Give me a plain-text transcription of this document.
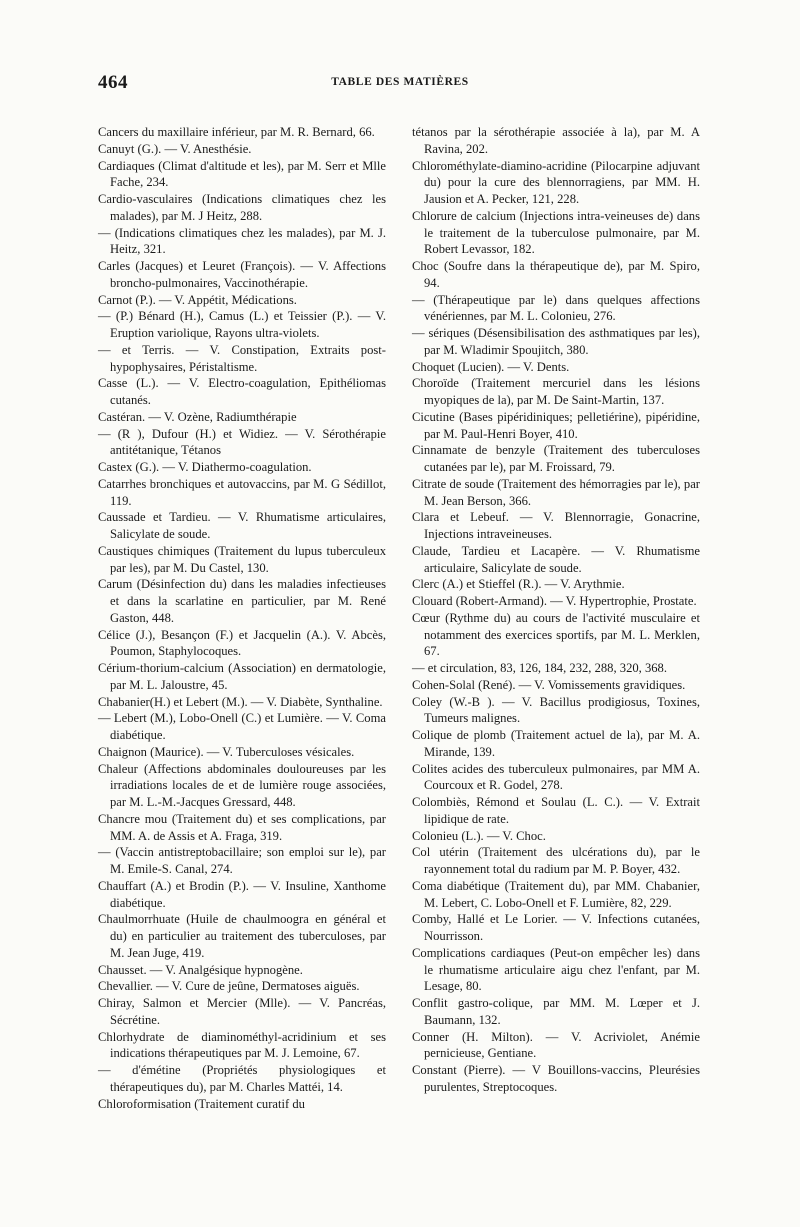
464	TABLE DES MATIÈRES

Cancers du maxillaire inférieur, par M. R. Bernard, 66.

Canuyt (G.). — V. Anesthésie.

Cardiaques (Climat d'altitude et les), par M. Serr et Mlle Fache, 234.

Cardio-vasculaires (Indications climatiques chez les malades), par M. J Heitz, 288.

— (Indications climatiques chez les malades), par M. J. Heitz, 321.

Carles (Jacques) et Leuret (François). — V. Affections broncho-pulmonaires, Vaccinothérapie.

Carnot (P.). — V. Appétit, Médications.

— (P.) Bénard (H.), Camus (L.) et Teissier (P.). — V. Eruption variolique, Rayons ultra-violets.

— et Terris. — V. Constipation, Extraits post-hypophysaires, Péristaltisme.

Casse (L.). — V. Electro-coagulation, Epithéliomas cutanés.

Castéran. — V. Ozène, Radiumthérapie

— (R ), Dufour (H.) et Widiez. — V. Sérothérapie antitétanique, Tétanos

Castex (G.). — V. Diathermo-coagulation.

Catarrhes bronchiques et autovaccins, par M. G Sédillot, 119.

Caussade et Tardieu. — V. Rhumatisme articulaires, Salicylate de soude.

Caustiques chimiques (Traitement du lupus tuberculeux par les), par M. Du Castel, 130.

Carum (Désinfection du) dans les maladies infectieuses et dans la scarlatine en particulier, par M. René Gaston, 448.

Célice (J.), Besançon (F.) et Jacquelin (A.). V. Abcès, Poumon, Staphylocoques.

Cérium-thorium-calcium (Association) en dermatologie, par M. L. Jaloustre, 45.

Chabanier(H.) et Lebert (M.). — V. Diabète, Synthaline.

— Lebert (M.), Lobo-Onell (C.) et Lumière. — V. Coma diabétique.

Chaignon (Maurice). — V. Tuberculoses vésicales.

Chaleur (Affections abdominales douloureuses par les irradiations locales de et de lumière rouge associées, par M. L.-M.-Jacques Gressard, 448.

Chancre mou (Traitement du) et ses complications, par MM. A. de Assis et A. Fraga, 319.

— (Vaccin antistreptobacillaire; son emploi sur le), par M. Emile-S. Canal, 274.

Chauffart (A.) et Brodin (P.). — V. Insuline, Xanthome diabétique.

Chaulmorrhuate (Huile de chaulmoogra en général et du) en particulier au traitement des tuberculoses, par M. Jean Juge, 419.

Chausset. — V. Analgésique hypnogène.

Chevallier. — V. Cure de jeûne, Dermatoses aiguës.

Chiray, Salmon et Mercier (Mlle). — V. Pancréas, Sécrétine.

Chlorhydrate de diaminométhyl-acridinium et ses indications thérapeutiques par M. J. Lemoine, 67.

— d'émétine (Propriétés physiologiques et thérapeutiques du), par M. Charles Mattéi, 14.

Chloroformisation (Traitement curatif du

tétanos par la sérothérapie associée à la), par M. A Ravina, 202.

Chlorométhylate-diamino-acridine (Pilocarpine adjuvant du) pour la cure des blennorragiens, par MM. H. Jausion et A. Pecker, 121, 228.

Chlorure de calcium (Injections intra-veineuses de) dans le traitement de la tuberculose pulmonaire, par M. Robert Levassor, 182.

Choc (Soufre dans la thérapeutique de), par M. Spiro, 94.

— (Thérapeutique par le) dans quelques affections vénériennes, par M. L. Colonieu, 276.

— sériques (Désensibilisation des asthmatiques par les), par M. Wladimir Spoujitch, 380.

Choquet (Lucien). — V. Dents.

Choroïde (Traitement mercuriel dans les lésions myopiques de la), par M. De Saint-Martin, 137.

Cicutine (Bases pipéridiniques; pelletiérine), pipéridine, par M. Paul-Henri Boyer, 410.

Cinnamate de benzyle (Traitement des tuberculoses cutanées par le), par M. Froissard, 79.

Citrate de soude (Traitement des hémorragies par le), par M. Jean Berson, 366.

Clara et Lebeuf. — V. Blennorragie, Gonacrine, Injections intraveineuses.

Claude, Tardieu et Lacapère. — V. Rhumatisme articulaire, Salicylate de soude.

Clerc (A.) et Stieffel (R.). — V. Arythmie.

Clouard (Robert-Armand). — V. Hypertrophie, Prostate.

Cœur (Rythme du) au cours de l'activité musculaire et notamment des exercices sportifs, par M. L. Merklen, 67.

— et circulation, 83, 126, 184, 232, 288, 320, 368.

Cohen-Solal (René). — V. Vomissements gravidiques.

Coley (W.-B ). — V. Bacillus prodigiosus, Toxines, Tumeurs malignes.

Colique de plomb (Traitement actuel de la), par M. A. Mirande, 139.

Colites acides des tuberculeux pulmonaires, par MM A. Courcoux et R. Godel, 278.

Colombiès, Rémond et Soulau (L. C.). — V. Extrait lipidique de rate.

Colonieu (L.). — V. Choc.

Col utérin (Traitement des ulcérations du), par le rayonnement total du radium par M. P. Boyer, 432.

Coma diabétique (Traitement du), par MM. Chabanier, M. Lebert, C. Lobo-Onell et F. Lumière, 82, 229.

Comby, Hallé et Le Lorier. — V. Infections cutanées, Nourrisson.

Complications cardiaques (Peut-on empêcher les) dans le rhumatisme articulaire aigu chez l'enfant, par M. Lesage, 80.

Conflit gastro-colique, par MM. M. Lœper et J. Baumann, 132.

Conner (H. Milton). — V. Acriviolet, Anémie pernicieuse, Gentiane.

Constant (Pierre). — V Bouillons-vaccins, Pleurésies purulentes, Streptocoques.
